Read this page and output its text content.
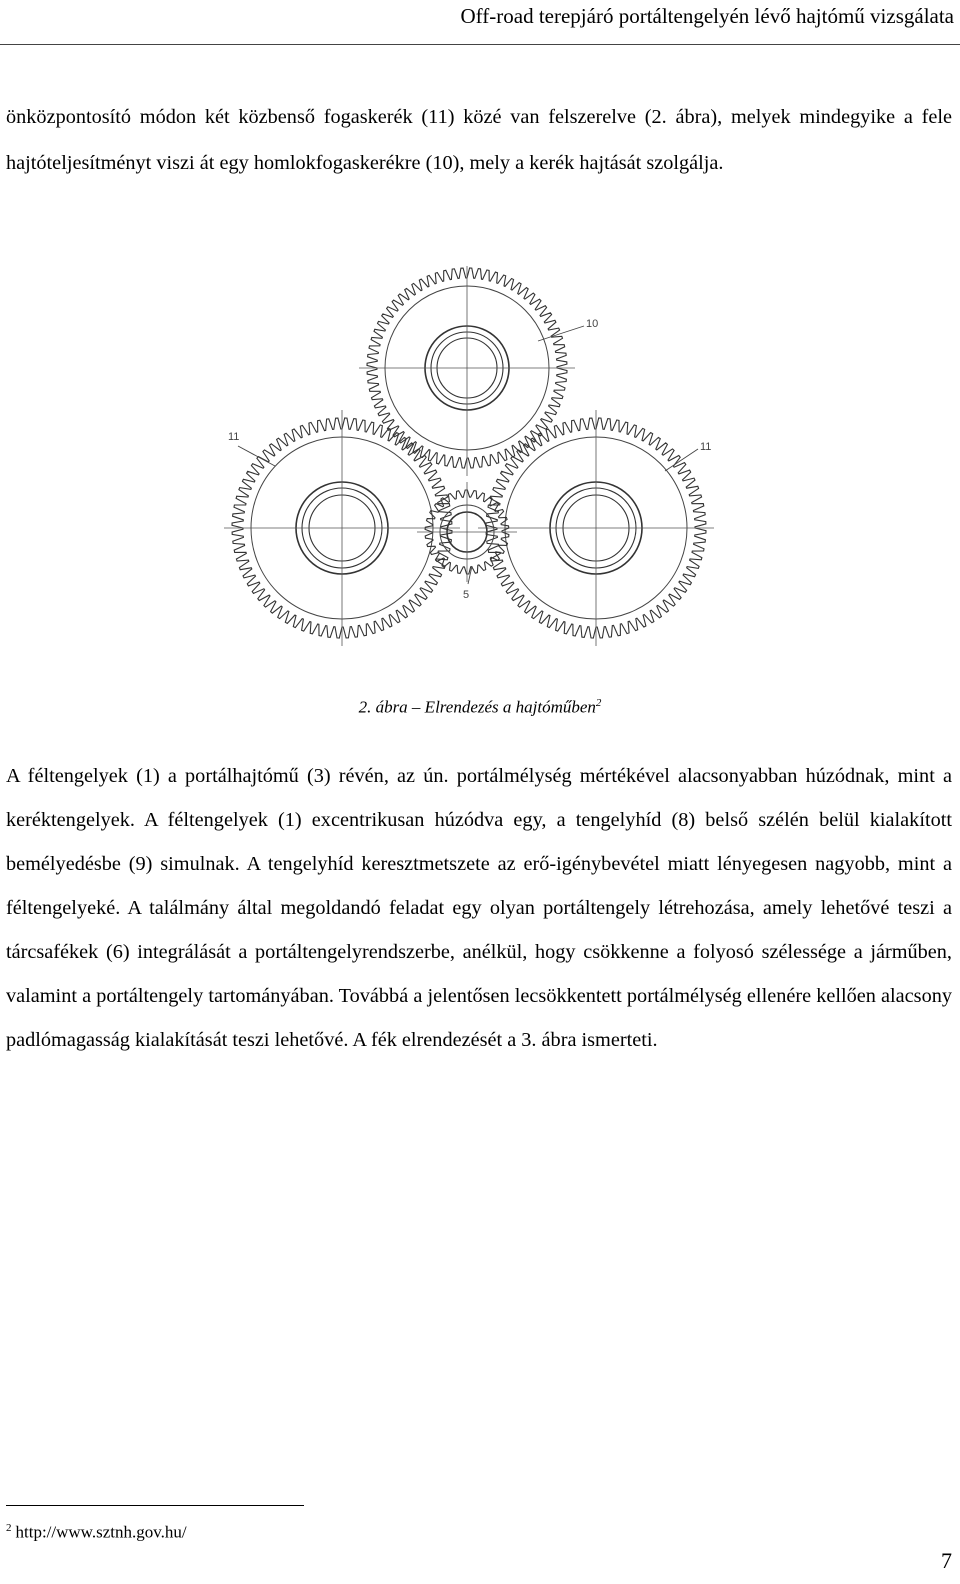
Off-road terepjáró portáltengelyén lévő hajtómű vizsgálata

önközpontosító módon két közbenső fogaskerék (11) közé van felszerelve (2. ábra), melyek mindegyike a fele hajtóteljesítményt viszi át egy homlokfogaskerékre (10), mely a kerék hajtását szolgálja.

10
11
11
5
2. ábra – Elrendezés a hajtóműben$^2$

A féltengelyek (1) a portálhajtómű (3) révén, az ún. portálmélység mértékével alacsonyabban húzódnak, mint a keréktengelyek. A féltengelyek (1) excentrikusan húzódva egy, a tengelyhíd (8) belső szélén belül kialakított bemélyedésbe (9) simulnak. A tengelyhíd keresztmetszete az erő-igénybevétel miatt lényegesen nagyobb, mint a féltengelyeké. A találmány által megoldandó feladat egy olyan portáltengely létrehozása, amely lehetővé teszi a tárcsafékek (6) integrálását a portáltengelyrendszerbe, anélkül, hogy csökkenne a folyosó szélessége a járműben, valamint a portáltengely tartományában. Továbbá a jelentősen lecsökkentett portálmélység ellenére kellően alacsony padlómagasság kialakítását teszi lehetővé. A fék elrendezését a 3. ábra ismerteti.

$^2$ http://www.sztnh.gov.hu/
7
